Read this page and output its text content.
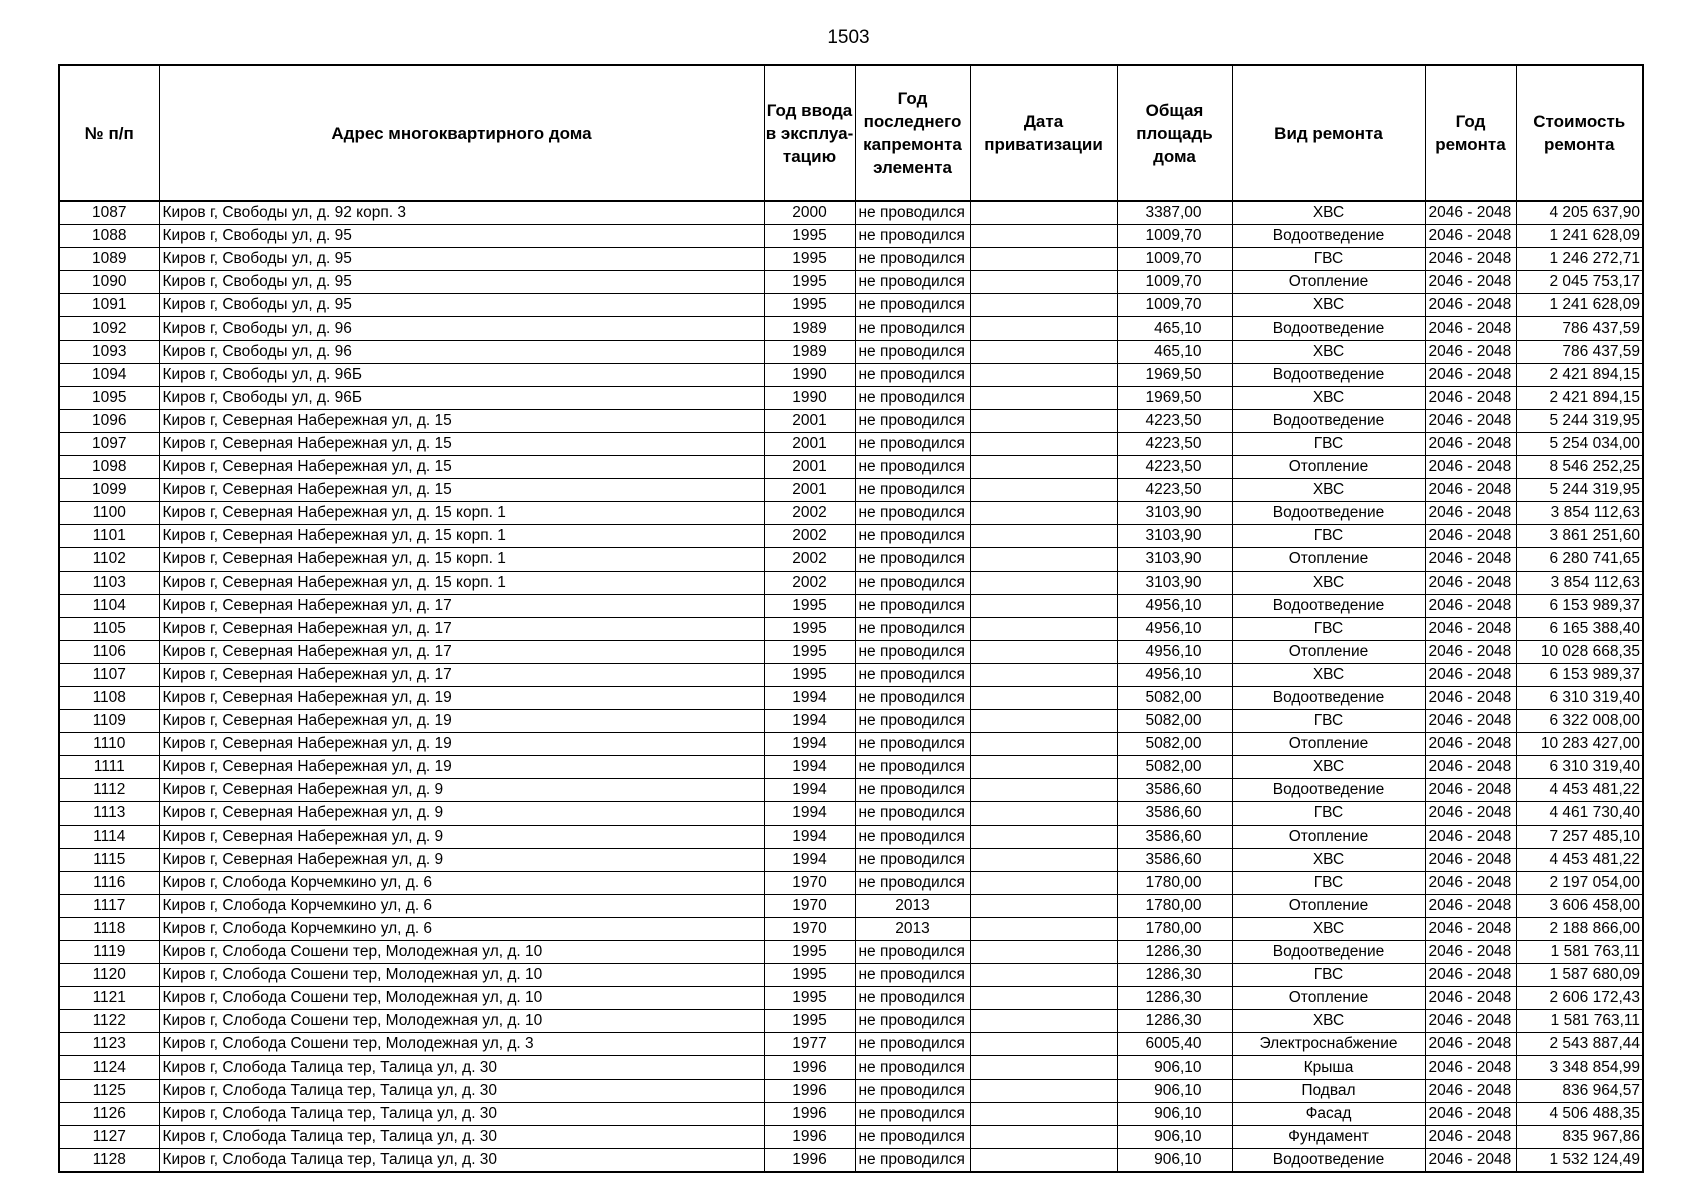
1503
№ п/п	Адрес многоквартирного дома	Год ввода в эксплуа-тацию	Год последнего капремонта элемента	Дата приватизации	Общая площадь дома	Вид ремонта	Год ремонта	Стоимость ремонта
1087	Киров г, Свободы ул, д. 92 корп. 3	2000	не проводился		3387,00	ХВС	2046 - 2048	4 205 637,90
1088	Киров г, Свободы ул, д. 95	1995	не проводился		1009,70	Водоотведение	2046 - 2048	1 241 628,09
1089	Киров г, Свободы ул, д. 95	1995	не проводился		1009,70	ГВС	2046 - 2048	1 246 272,71
1090	Киров г, Свободы ул, д. 95	1995	не проводился		1009,70	Отопление	2046 - 2048	2 045 753,17
1091	Киров г, Свободы ул, д. 95	1995	не проводился		1009,70	ХВС	2046 - 2048	1 241 628,09
1092	Киров г, Свободы ул, д. 96	1989	не проводился		465,10	Водоотведение	2046 - 2048	786 437,59
1093	Киров г, Свободы ул, д. 96	1989	не проводился		465,10	ХВС	2046 - 2048	786 437,59
1094	Киров г, Свободы ул, д. 96Б	1990	не проводился		1969,50	Водоотведение	2046 - 2048	2 421 894,15
1095	Киров г, Свободы ул, д. 96Б	1990	не проводился		1969,50	ХВС	2046 - 2048	2 421 894,15
1096	Киров г, Северная Набережная ул, д. 15	2001	не проводился		4223,50	Водоотведение	2046 - 2048	5 244 319,95
1097	Киров г, Северная Набережная ул, д. 15	2001	не проводился		4223,50	ГВС	2046 - 2048	5 254 034,00
1098	Киров г, Северная Набережная ул, д. 15	2001	не проводился		4223,50	Отопление	2046 - 2048	8 546 252,25
1099	Киров г, Северная Набережная ул, д. 15	2001	не проводился		4223,50	ХВС	2046 - 2048	5 244 319,95
1100	Киров г, Северная Набережная ул, д. 15 корп. 1	2002	не проводился		3103,90	Водоотведение	2046 - 2048	3 854 112,63
1101	Киров г, Северная Набережная ул, д. 15 корп. 1	2002	не проводился		3103,90	ГВС	2046 - 2048	3 861 251,60
1102	Киров г, Северная Набережная ул, д. 15 корп. 1	2002	не проводился		3103,90	Отопление	2046 - 2048	6 280 741,65
1103	Киров г, Северная Набережная ул, д. 15 корп. 1	2002	не проводился		3103,90	ХВС	2046 - 2048	3 854 112,63
1104	Киров г, Северная Набережная ул, д. 17	1995	не проводился		4956,10	Водоотведение	2046 - 2048	6 153 989,37
1105	Киров г, Северная Набережная ул, д. 17	1995	не проводился		4956,10	ГВС	2046 - 2048	6 165 388,40
1106	Киров г, Северная Набережная ул, д. 17	1995	не проводился		4956,10	Отопление	2046 - 2048	10 028 668,35
1107	Киров г, Северная Набережная ул, д. 17	1995	не проводился		4956,10	ХВС	2046 - 2048	6 153 989,37
1108	Киров г, Северная Набережная ул, д. 19	1994	не проводился		5082,00	Водоотведение	2046 - 2048	6 310 319,40
1109	Киров г, Северная Набережная ул, д. 19	1994	не проводился		5082,00	ГВС	2046 - 2048	6 322 008,00
1110	Киров г, Северная Набережная ул, д. 19	1994	не проводился		5082,00	Отопление	2046 - 2048	10 283 427,00
1111	Киров г, Северная Набережная ул, д. 19	1994	не проводился		5082,00	ХВС	2046 - 2048	6 310 319,40
1112	Киров г, Северная Набережная ул, д. 9	1994	не проводился		3586,60	Водоотведение	2046 - 2048	4 453 481,22
1113	Киров г, Северная Набережная ул, д. 9	1994	не проводился		3586,60	ГВС	2046 - 2048	4 461 730,40
1114	Киров г, Северная Набережная ул, д. 9	1994	не проводился		3586,60	Отопление	2046 - 2048	7 257 485,10
1115	Киров г, Северная Набережная ул, д. 9	1994	не проводился		3586,60	ХВС	2046 - 2048	4 453 481,22
1116	Киров г, Слобода Корчемкино ул, д. 6	1970	не проводился		1780,00	ГВС	2046 - 2048	2 197 054,00
1117	Киров г, Слобода Корчемкино ул, д. 6	1970	2013		1780,00	Отопление	2046 - 2048	3 606 458,00
1118	Киров г, Слобода Корчемкино ул, д. 6	1970	2013		1780,00	ХВС	2046 - 2048	2 188 866,00
1119	Киров г, Слобода Сошени тер, Молодежная ул, д. 10	1995	не проводился		1286,30	Водоотведение	2046 - 2048	1 581 763,11
1120	Киров г, Слобода Сошени тер, Молодежная ул, д. 10	1995	не проводился		1286,30	ГВС	2046 - 2048	1 587 680,09
1121	Киров г, Слобода Сошени тер, Молодежная ул, д. 10	1995	не проводился		1286,30	Отопление	2046 - 2048	2 606 172,43
1122	Киров г, Слобода Сошени тер, Молодежная ул, д. 10	1995	не проводился		1286,30	ХВС	2046 - 2048	1 581 763,11
1123	Киров г, Слобода Сошени тер, Молодежная ул, д. 3	1977	не проводился		6005,40	Электроснабжение	2046 - 2048	2 543 887,44
1124	Киров г, Слобода Талица тер, Талица ул, д. 30	1996	не проводился		906,10	Крыша	2046 - 2048	3 348 854,99
1125	Киров г, Слобода Талица тер, Талица ул, д. 30	1996	не проводился		906,10	Подвал	2046 - 2048	836 964,57
1126	Киров г, Слобода Талица тер, Талица ул, д. 30	1996	не проводился		906,10	Фасад	2046 - 2048	4 506 488,35
1127	Киров г, Слобода Талица тер, Талица ул, д. 30	1996	не проводился		906,10	Фундамент	2046 - 2048	835 967,86
1128	Киров г, Слобода Талица тер, Талица ул, д. 30	1996	не проводился		906,10	Водоотведение	2046 - 2048	1 532 124,49
